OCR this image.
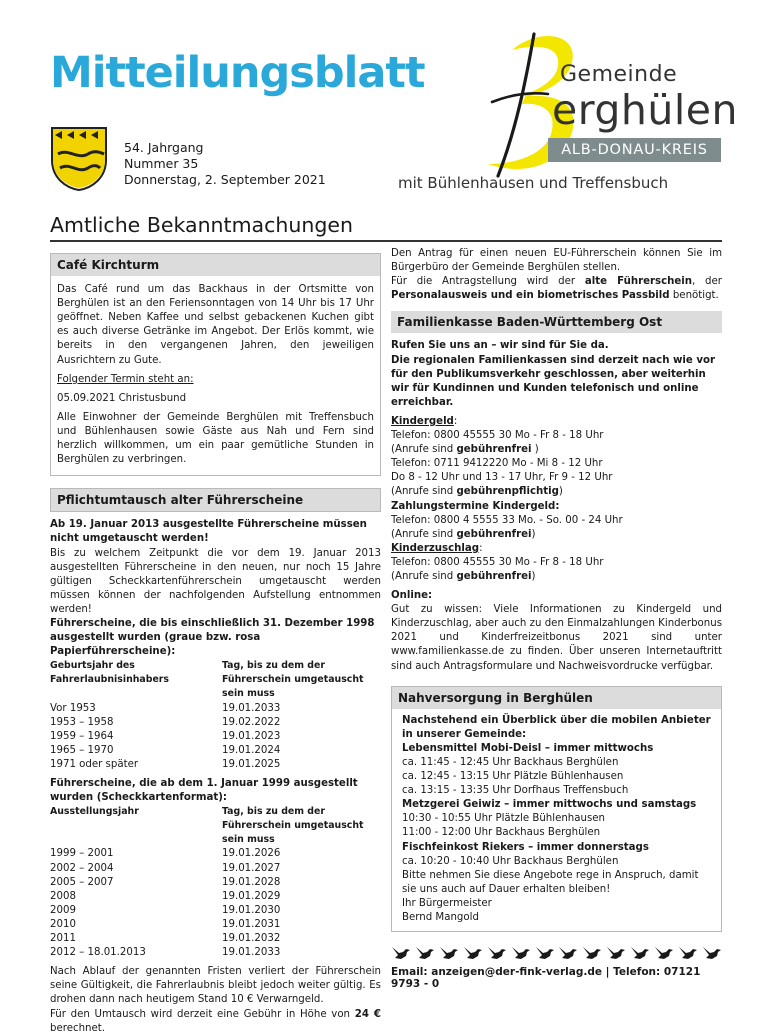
Mitteilungsblatt
54. Jahrgang
Nummer 35
Donnerstag, 2. September 2021
Gemeinde
erghülen
ALB-DONAU-KREIS
mit Bühlenhausen und Treffensbuch
Amtliche Bekanntmachungen
Café Kirchturm

Das Café rund um das Backhaus in der Ortsmitte von Berghülen ist an den Feriensonntagen von 14 Uhr bis 17 Uhr geöffnet. Neben Kaffee und selbst gebackenen Kuchen gibt es auch diverse Getränke im Angebot. Der Erlös kommt, wie bereits in den vergangenen Jahren, den jeweiligen Ausrichtern zu Gute.

Folgender Termin steht an:

05.09.2021 Christusbund

Alle Einwohner der Gemeinde Berghülen mit Treffensbuch und Bühlenhausen sowie Gäste aus Nah und Fern sind herzlich willkommen, um ein paar gemütliche Stunden in Berghülen zu verbringen.

Pflichtumtausch alter Führerscheine

Ab 19. Januar 2013 ausgestellte Führerscheine müssen nicht umgetauscht werden!

Bis zu welchem Zeitpunkt die vor dem 19. Januar 2013 ausgestellten Führerscheine in den neuen, nur noch 15 Jahre gültigen Scheckkartenführerschein umgetauscht werden müssen können der nachfolgenden Aufstellung entnommen werden!

Führerscheine, die bis einschließlich 31. Dezember 1998 ausgestellt wurden (graue bzw. rosa Papierführerscheine):

Geburtsjahr des Fahrerlaubnisinhabers	Tag, bis zu dem der Führerschein umgetauscht sein muss
Vor 1953	19.01.2033
1953 – 1958	19.02.2022
1959 – 1964	19.01.2023
1965 – 1970	19.01.2024
1971 oder später	19.01.2025

Führerscheine, die ab dem 1. Januar 1999 ausgestellt wurden (Scheckkartenformat):

Ausstellungsjahr	Tag, bis zu dem der Führerschein umgetauscht sein muss
1999 – 2001	19.01.2026
2002 – 2004	19.01.2027
2005 – 2007	19.01.2028
2008	19.01.2029
2009	19.01.2030
2010	19.01.2031
2011	19.01.2032
2012 – 18.01.2013	19.01.2033

Nach Ablauf der genannten Fristen verliert der Führerschein seine Gültigkeit, die Fahrerlaubnis bleibt jedoch weiter gültig. Es drohen dann nach heutigem Stand 10 € Verwarngeld.

Für den Umtausch wird derzeit eine Gebühr in Höhe von 24 € berechnet.

Den Antrag für einen neuen EU-Führerschein können Sie im Bürgerbüro der Gemeinde Berghülen stellen.

Für die Antragstellung wird der alte Führerschein, der Personalausweis und ein biometrisches Passbild benötigt.

Familienkasse Baden-Württemberg Ost

Rufen Sie uns an – wir sind für Sie da.

Die regionalen Familienkassen sind derzeit nach wie vor für den Publikumsverkehr geschlossen, aber weiterhin wir für Kundinnen und Kunden telefonisch und online erreichbar.

Kindergeld:

Telefon: 0800 45555 30 Mo - Fr 8 - 18 Uhr

(Anrufe sind gebührenfrei )

Telefon: 0711 9412220 Mo - Mi 8 - 12 Uhr

Do 8 - 12 Uhr und 13 - 17 Uhr, Fr 9 - 12 Uhr

(Anrufe sind gebührenpflichtig)

Zahlungstermine Kindergeld:

Telefon: 0800 4 5555 33 Mo. - So. 00 - 24 Uhr

(Anrufe sind gebührenfrei)

Kinderzuschlag:

Telefon: 0800 45555 30 Mo - Fr 8 - 18 Uhr

(Anrufe sind gebührenfrei)

Online:

Gut zu wissen: Viele Informationen zu Kindergeld und Kinderzuschlag, aber auch zu den Einmalzahlungen Kinderbonus 2021 und Kinderfreizeitbonus 2021 sind unter www.familienkasse.de zu finden. Über unseren Internetauftritt sind auch Antragsformulare und Nachweisvordrucke verfügbar.

Nahversorgung in Berghülen

Nachstehend ein Überblick über die mobilen Anbieter in unserer Gemeinde:

Lebensmittel Mobi-Deisl – immer mittwochs

ca. 11:45 - 12:45 Uhr Backhaus Berghülen

ca. 12:45 - 13:15 Uhr Plätzle Bühlenhausen

ca. 13:15 - 13:35 Uhr Dorfhaus Treffensbuch

Metzgerei Geiwiz – immer mittwochs und samstags

10:30 - 10:55 Uhr Plätzle Bühlenhausen

11:00 - 12:00 Uhr Backhaus Berghülen

Fischfeinkost Riekers – immer donnerstags

ca. 10:20 - 10:40 Uhr Backhaus Berghülen

Bitte nehmen Sie diese Angebote rege in Anspruch, damit sie uns auch auf Dauer erhalten bleiben!

Ihr Bürgermeister

Bernd Mangold

Email: anzeigen@der-fink-verlag.de | Telefon: 07121 9793 - 0
